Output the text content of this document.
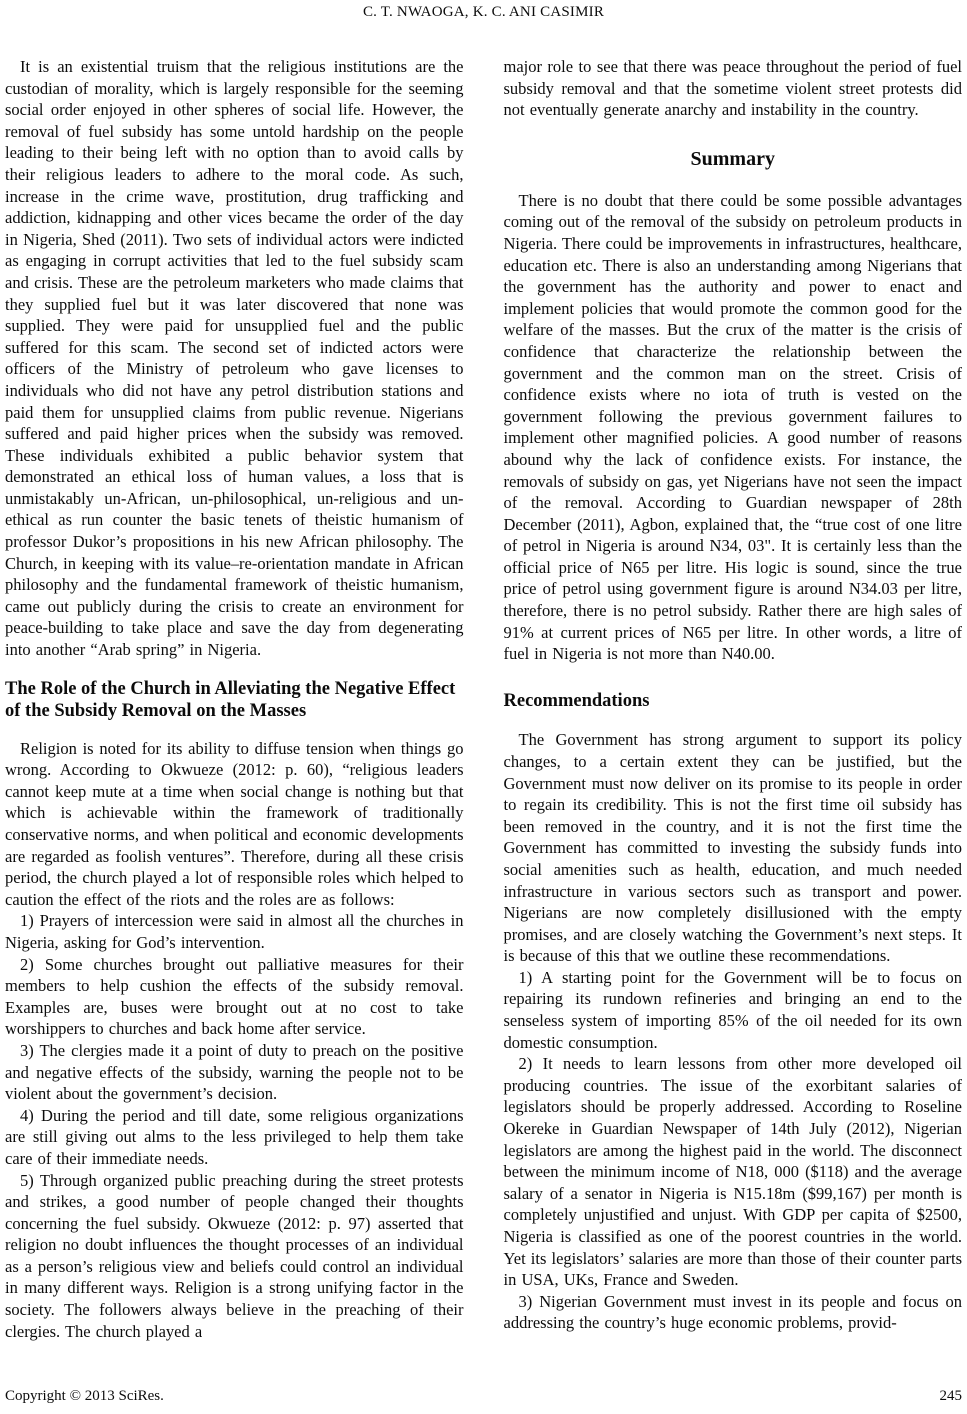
C. T. NWAOGA, K. C. ANI CASIMIR

It is an existential truism that the religious institutions are the custodian of morality, which is largely responsible for the seeming social order enjoyed in other spheres of social life. However, the removal of fuel subsidy has some untold hardship on the people leading to their being left with no option than to avoid calls by their religious leaders to adhere to the moral code. As such, increase in the crime wave, prostitution, drug trafficking and addiction, kidnapping and other vices became the order of the day in Nigeria, Shed (2011). Two sets of individual actors were indicted as engaging in corrupt activities that led to the fuel subsidy scam and crisis. These are the petroleum marketers who made claims that they supplied fuel but it was later discovered that none was supplied. They were paid for unsupplied fuel and the public suffered for this scam. The second set of indicted actors were officers of the Ministry of petroleum who gave licenses to individuals who did not have any petrol distribution stations and paid them for unsupplied claims from public revenue. Nigerians suffered and paid higher prices when the subsidy was removed. These individuals exhibited a public behavior system that demonstrated an ethical loss of human values, a loss that is unmistakably un-African, un-philosophical, un-religious and un-ethical as run counter the basic tenets of theistic humanism of professor Dukor’s propositions in his new African philosophy. The Church, in keeping with its value–re-orientation mandate in African philosophy and the fundamental framework of theistic humanism, came out publicly during the crisis to create an environment for peace-building to take place and save the day from degenerating into another “Arab spring” in Nigeria.

The Role of the Church in Alleviating the Negative Effect of the Subsidy Removal on the Masses

Religion is noted for its ability to diffuse tension when things go wrong. According to Okwueze (2012: p. 60), “religious leaders cannot keep mute at a time when social change is nothing but that which is achievable within the framework of traditionally conservative norms, and when political and economic developments are regarded as foolish ventures”. Therefore, during all these crisis period, the church played a lot of responsible roles which helped to caution the effect of the riots and the roles are as follows:

1) Prayers of intercession were said in almost all the churches in Nigeria, asking for God’s intervention.

2) Some churches brought out palliative measures for their members to help cushion the effects of the subsidy removal. Examples are, buses were brought out at no cost to take worshippers to churches and back home after service.

3) The clergies made it a point of duty to preach on the positive and negative effects of the subsidy, warning the people not to be violent about the government’s decision.

4) During the period and till date, some religious organizations are still giving out alms to the less privileged to help them take care of their immediate needs.

5) Through organized public preaching during the street protests and strikes, a good number of people changed their thoughts concerning the fuel subsidy. Okwueze (2012: p. 97) asserted that religion no doubt influences the thought processes of an individual as a person’s religious view and beliefs could control an individual in many different ways. Religion is a strong unifying factor in the society. The followers always believe in the preaching of their clergies. The church played a

major role to see that there was peace throughout the period of fuel subsidy removal and that the sometime violent street protests did not eventually generate anarchy and instability in the country.

Summary

There is no doubt that there could be some possible advantages coming out of the removal of the subsidy on petroleum products in Nigeria. There could be improvements in infrastructures, healthcare, education etc. There is also an understanding among Nigerians that the government has the authority and power to enact and implement policies that would promote the common good for the welfare of the masses. But the crux of the matter is the crisis of confidence that characterize the relationship between the government and the common man on the street. Crisis of confidence exists where no iota of truth is vested on the government following the previous government failures to implement other magnified policies. A good number of reasons abound why the lack of confidence exists. For instance, the removals of subsidy on gas, yet Nigerians have not seen the impact of the removal. According to Guardian newspaper of 28th December (2011), Agbon, explained that, the “true cost of one litre of petrol in Nigeria is around N34, 03". It is certainly less than the official price of N65 per litre. His logic is sound, since the true price of petrol using government figure is around N34.03 per litre, therefore, there is no petrol subsidy. Rather there are high sales of 91% at current prices of N65 per litre. In other words, a litre of fuel in Nigeria is not more than N40.00.

Recommendations

The Government has strong argument to support its policy changes, to a certain extent they can be justified, but the Government must now deliver on its promise to its people in order to regain its credibility. This is not the first time oil subsidy has been removed in the country, and it is not the first time the Government has committed to investing the subsidy funds into social amenities such as health, education, and much needed infrastructure in various sectors such as transport and power. Nigerians are now completely disillusioned with the empty promises, and are closely watching the Government’s next steps. It is because of this that we outline these recommendations.

1) A starting point for the Government will be to focus on repairing its rundown refineries and bringing an end to the senseless system of importing 85% of the oil needed for its own domestic consumption.

2) It needs to learn lessons from other more developed oil producing countries. The issue of the exorbitant salaries of legislators should be properly addressed. According to Roseline Okereke in Guardian Newspaper of 14th July (2012), Nigerian legislators are among the highest paid in the world. The disconnect between the minimum income of N18, 000 ($118) and the average salary of a senator in Nigeria is N15.18m ($99,167) per month is completely unjustified and unjust. With GDP per capita of $2500, Nigeria is classified as one of the poorest countries in the world. Yet its legislators’ salaries are more than those of their counter parts in USA, UKs, France and Sweden.

3) Nigerian Government must invest in its people and focus on addressing the country’s huge economic problems, provid-

Copyright © 2013 SciRes.	245
